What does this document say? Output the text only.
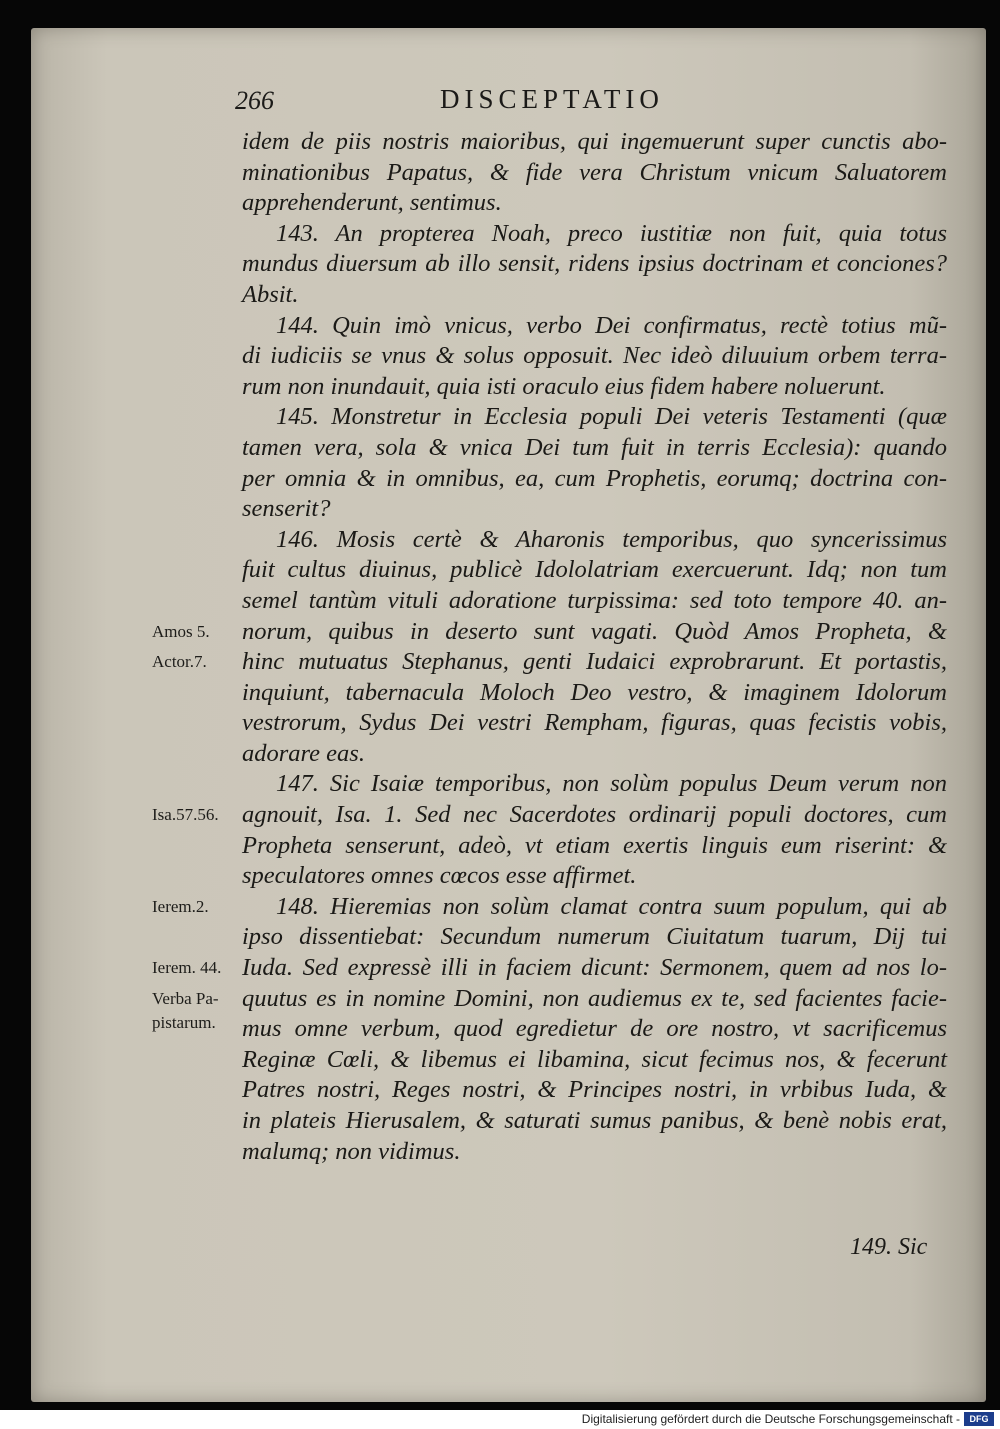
266	DISCEPTATIO
idem de piis nostris maioribus, qui ingemuerunt super cunctis abo-
minationibus Papatus, & fide vera Christum vnicum Saluatorem
apprehenderunt, sentimus.
143. An propterea Noah, preco iustitiæ non fuit, quia totus
mundus diuersum ab illo sensit, ridens ipsius doctrinam et conciones?
Absit.
144. Quin imò vnicus, verbo Dei confirmatus, rectè totius mũ-
di iudiciis se vnus & solus opposuit. Nec ideò diluuium orbem terra-
rum non inundauit, quia isti oraculo eius fidem habere noluerunt.
145. Monstretur in Ecclesia populi Dei veteris Testamenti (quæ
tamen vera, sola & vnica Dei tum fuit in terris Ecclesia): quando
per omnia & in omnibus, ea, cum Prophetis, eorumq; doctrina con-
senserit?
146. Mosis certè & Aharonis temporibus, quo syncerissimus
fuit cultus diuinus, publicè Idololatriam exercuerunt. Idq; non tum
semel tantùm vituli adoratione turpissima: sed toto tempore 40. an-
norum, quibus in deserto sunt vagati. Quòd Amos Propheta, &
hinc mutuatus Stephanus, genti Iudaici exprobrarunt. Et portastis,
inquiunt, tabernacula Moloch Deo vestro, & imaginem Idolorum
vestrorum, Sydus Dei vestri Rempham, figuras, quas fecistis vobis,
adorare eas.
147. Sic Isaiæ temporibus, non solùm populus Deum verum non
agnouit, Isa. 1. Sed nec Sacerdotes ordinarij populi doctores, cum
Propheta senserunt, adeò, vt etiam exertis linguis eum riserint: &
speculatores omnes cœcos esse affirmet.
148. Hieremias non solùm clamat contra suum populum, qui ab
ipso dissentiebat: Secundum numerum Ciuitatum tuarum, Dij tui
Iuda. Sed expressè illi in faciem dicunt: Sermonem, quem ad nos lo-
quutus es in nomine Domini, non audiemus ex te, sed facientes facie-
mus omne verbum, quod egredietur de ore nostro, vt sacrificemus
Reginæ Cœli, & libemus ei libamina, sicut fecimus nos, & fecerunt
Patres nostri, Reges nostri, & Principes nostri, in vrbibus Iuda, &
in plateis Hierusalem, & saturati sumus panibus, & benè nobis erat,
malumq; non vidimus.
Amos 5.
Actor.7.
Isa.57.56.
Ierem.2.
Ierem. 44.
Verba Pa-
pistarum.
149. Sic
Digitalisierung gefördert durch die Deutsche Forschungsgemeinschaft -	DFG
